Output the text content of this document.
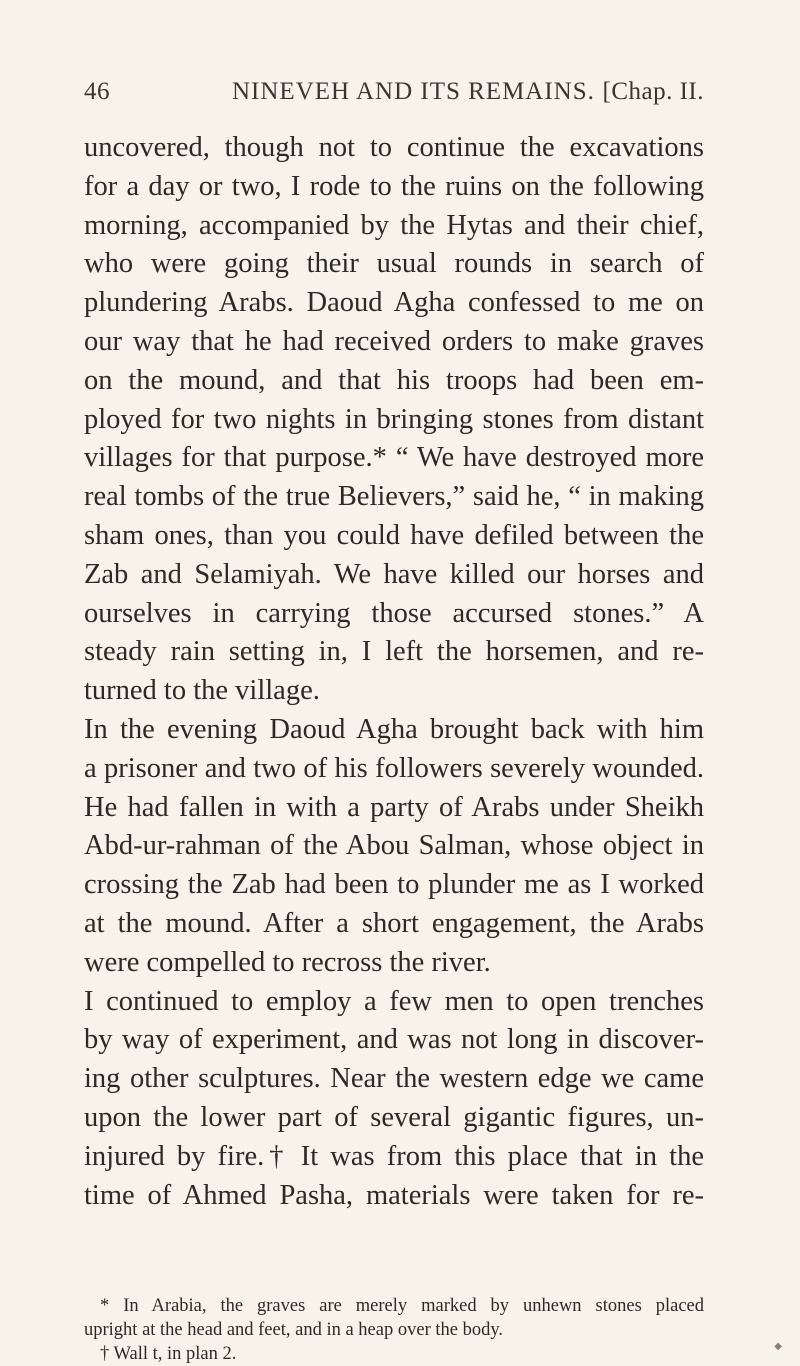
46	NINEVEH AND ITS REMAINS. [Chap. II.
uncovered, though not to continue the excavations
for a day or two, I rode to the ruins on the following
morning, accompanied by the Hytas and their chief,
who were going their usual rounds in search of
plundering Arabs. Daoud Agha confessed to me on
our way that he had received orders to make graves
on the mound, and that his troops had been em-
ployed for two nights in bringing stones from distant
villages for that purpose.* “ We have destroyed more
real tombs of the true Believers,” said he, “ in making
sham ones, than you could have defiled between the
Zab and Selamiyah. We have killed our horses and
ourselves in carrying those accursed stones.” A
steady rain setting in, I left the horsemen, and re-
turned to the village.
In the evening Daoud Agha brought back with him
a prisoner and two of his followers severely wounded.
He had fallen in with a party of Arabs under Sheikh
Abd-ur-rahman of the Abou Salman, whose object in
crossing the Zab had been to plunder me as I worked
at the mound. After a short engagement, the Arabs
were compelled to recross the river.
I continued to employ a few men to open trenches
by way of experiment, and was not long in discover-
ing other sculptures. Near the western edge we came
upon the lower part of several gigantic figures, un-
injured by fire.† It was from this place that in the
time of Ahmed Pasha, materials were taken for re-
* In Arabia, the graves are merely marked by unhewn stones placed
upright at the head and feet, and in a heap over the body.
† Wall t, in plan 2.	◆
